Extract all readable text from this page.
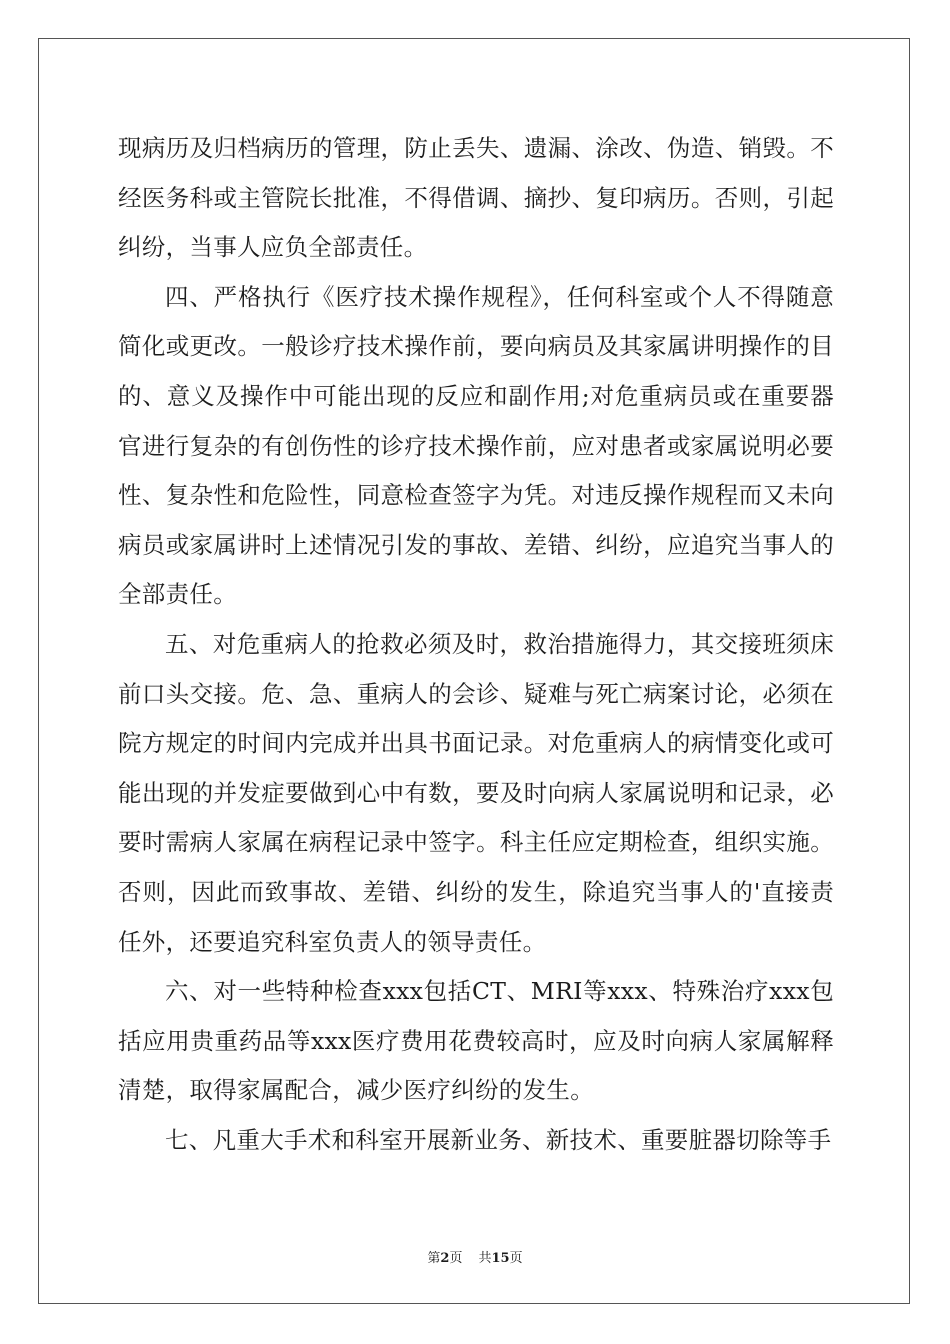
现病历及归档病历的管理，防止丢失、遗漏、涂改、伪造、销毁。不经医务科或主管院长批准，不得借调、摘抄、复印病历。否则，引起纠纷，当事人应负全部责任。

四、严格执行《医疗技术操作规程》，任何科室或个人不得随意简化或更改。一般诊疗技术操作前，要向病员及其家属讲明操作的目的、意义及操作中可能出现的反应和副作用;对危重病员或在重要器官进行复杂的有创伤性的诊疗技术操作前，应对患者或家属说明必要性、复杂性和危险性，同意检查签字为凭。对违反操作规程而又未向病员或家属讲时上述情况引发的事故、差错、纠纷，应追究当事人的全部责任。

五、对危重病人的抢救必须及时，救治措施得力，其交接班须床前口头交接。危、急、重病人的会诊、疑难与死亡病案讨论，必须在院方规定的时间内完成并出具书面记录。对危重病人的病情变化或可能出现的并发症要做到心中有数，要及时向病人家属说明和记录，必要时需病人家属在病程记录中签字。科主任应定期检查，组织实施。否则，因此而致事故、差错、纠纷的发生，除追究当事人的'直接责任外，还要追究科室负责人的领导责任。

六、对一些特种检查xxx包括CT、MRI等xxx、特殊治疗xxx包括应用贵重药品等xxx医疗费用花费较高时，应及时向病人家属解释清楚，取得家属配合，减少医疗纠纷的发生。

七、凡重大手术和科室开展新业务、新技术、重要脏器切除等手

第2页 共15页
